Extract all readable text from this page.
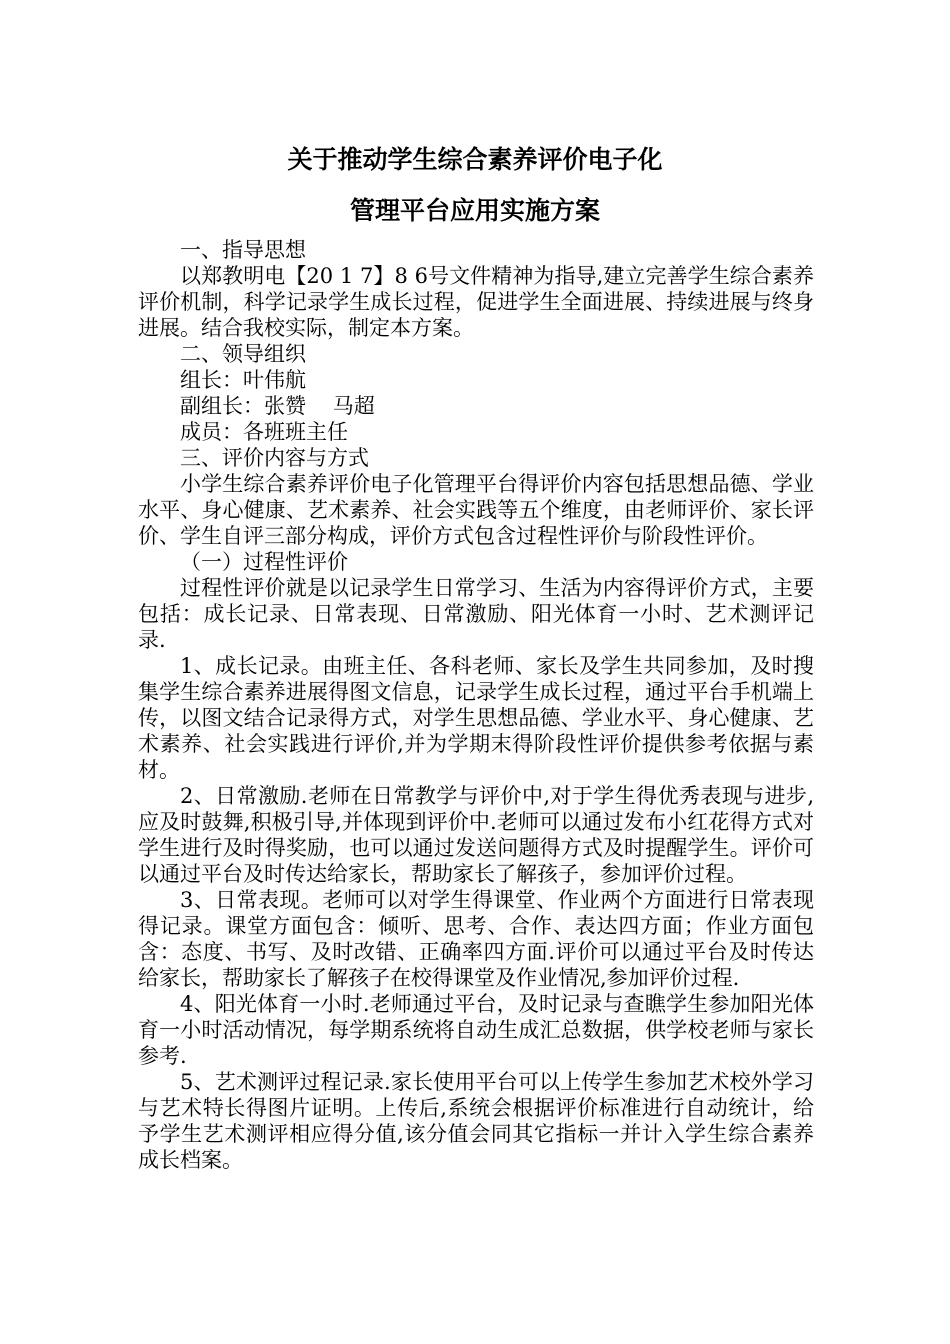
关于推动学生综合素养评价电子化
管理平台应用实施方案

一、指导思想

以郑教明电【20 1 7】8 6号文件精神为指导,建立完善学生综合素养评价机制，科学记录学生成长过程，促进学生全面进展、持续进展与终身进展。结合我校实际，制定本方案。

二、领导组织

组长：叶伟航

副组长：张赞    马超

成员：各班班主任

三、评价内容与方式

小学生综合素养评价电子化管理平台得评价内容包括思想品德、学业水平、身心健康、艺术素养、社会实践等五个维度，由老师评价、家长评价、学生自评三部分构成，评价方式包含过程性评价与阶段性评价。

（一）过程性评价

过程性评价就是以记录学生日常学习、生活为内容得评价方式，主要包括：成长记录、日常表现、日常激励、阳光体育一小时、艺术测评记录.

1、成长记录。由班主任、各科老师、家长及学生共同参加，及时搜集学生综合素养进展得图文信息，记录学生成长过程，通过平台手机端上传，以图文结合记录得方式，对学生思想品德、学业水平、身心健康、艺术素养、社会实践进行评价,并为学期末得阶段性评价提供参考依据与素材。

2、日常激励.老师在日常教学与评价中,对于学生得优秀表现与进步,应及时鼓舞,积极引导,并体现到评价中.老师可以通过发布小红花得方式对学生进行及时得奖励，也可以通过发送问题得方式及时提醒学生。评价可以通过平台及时传达给家长，帮助家长了解孩子，参加评价过程。

3、日常表现。老师可以对学生得课堂、作业两个方面进行日常表现得记录。课堂方面包含：倾听、思考、合作、表达四方面；作业方面包含：态度、书写、及时改错、正确率四方面.评价可以通过平台及时传达给家长，帮助家长了解孩子在校得课堂及作业情况,参加评价过程.

4、阳光体育一小时.老师通过平台，及时记录与查瞧学生参加阳光体育一小时活动情况，每学期系统将自动生成汇总数据，供学校老师与家长参考.

5、艺术测评过程记录.家长使用平台可以上传学生参加艺术校外学习与艺术特长得图片证明。上传后,系统会根据评价标准进行自动统计，给予学生艺术测评相应得分值,该分值会同其它指标一并计入学生综合素养成长档案。
